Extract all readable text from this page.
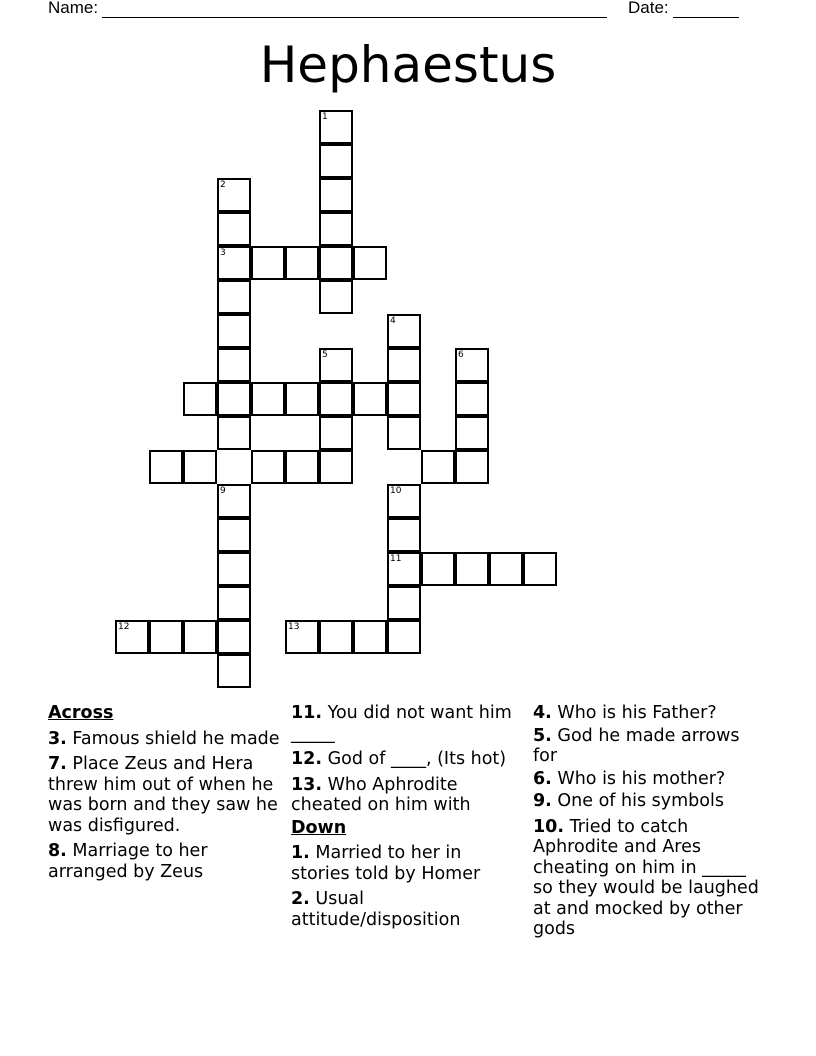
Name:	Date:
Hephaestus
1
2
3
5
4
6
9	10
11
12	13
Across
3. Famous shield he made
7. Place Zeus and Hera threw him out of when he was born and they saw he was disfigured.
8. Marriage to her arranged by Zeus
11. You did not want him _____
12. God of ____, (Its hot)
13. Who Aphrodite cheated on him with
Down
1. Married to her in stories told by Homer
2. Usual attitude/disposition
4. Who is his Father?
5. God he made arrows for
6. Who is his mother?
9. One of his symbols
10. Tried to catch Aphrodite and Ares cheating on him in _____ so they would be laughed at and mocked by other gods
